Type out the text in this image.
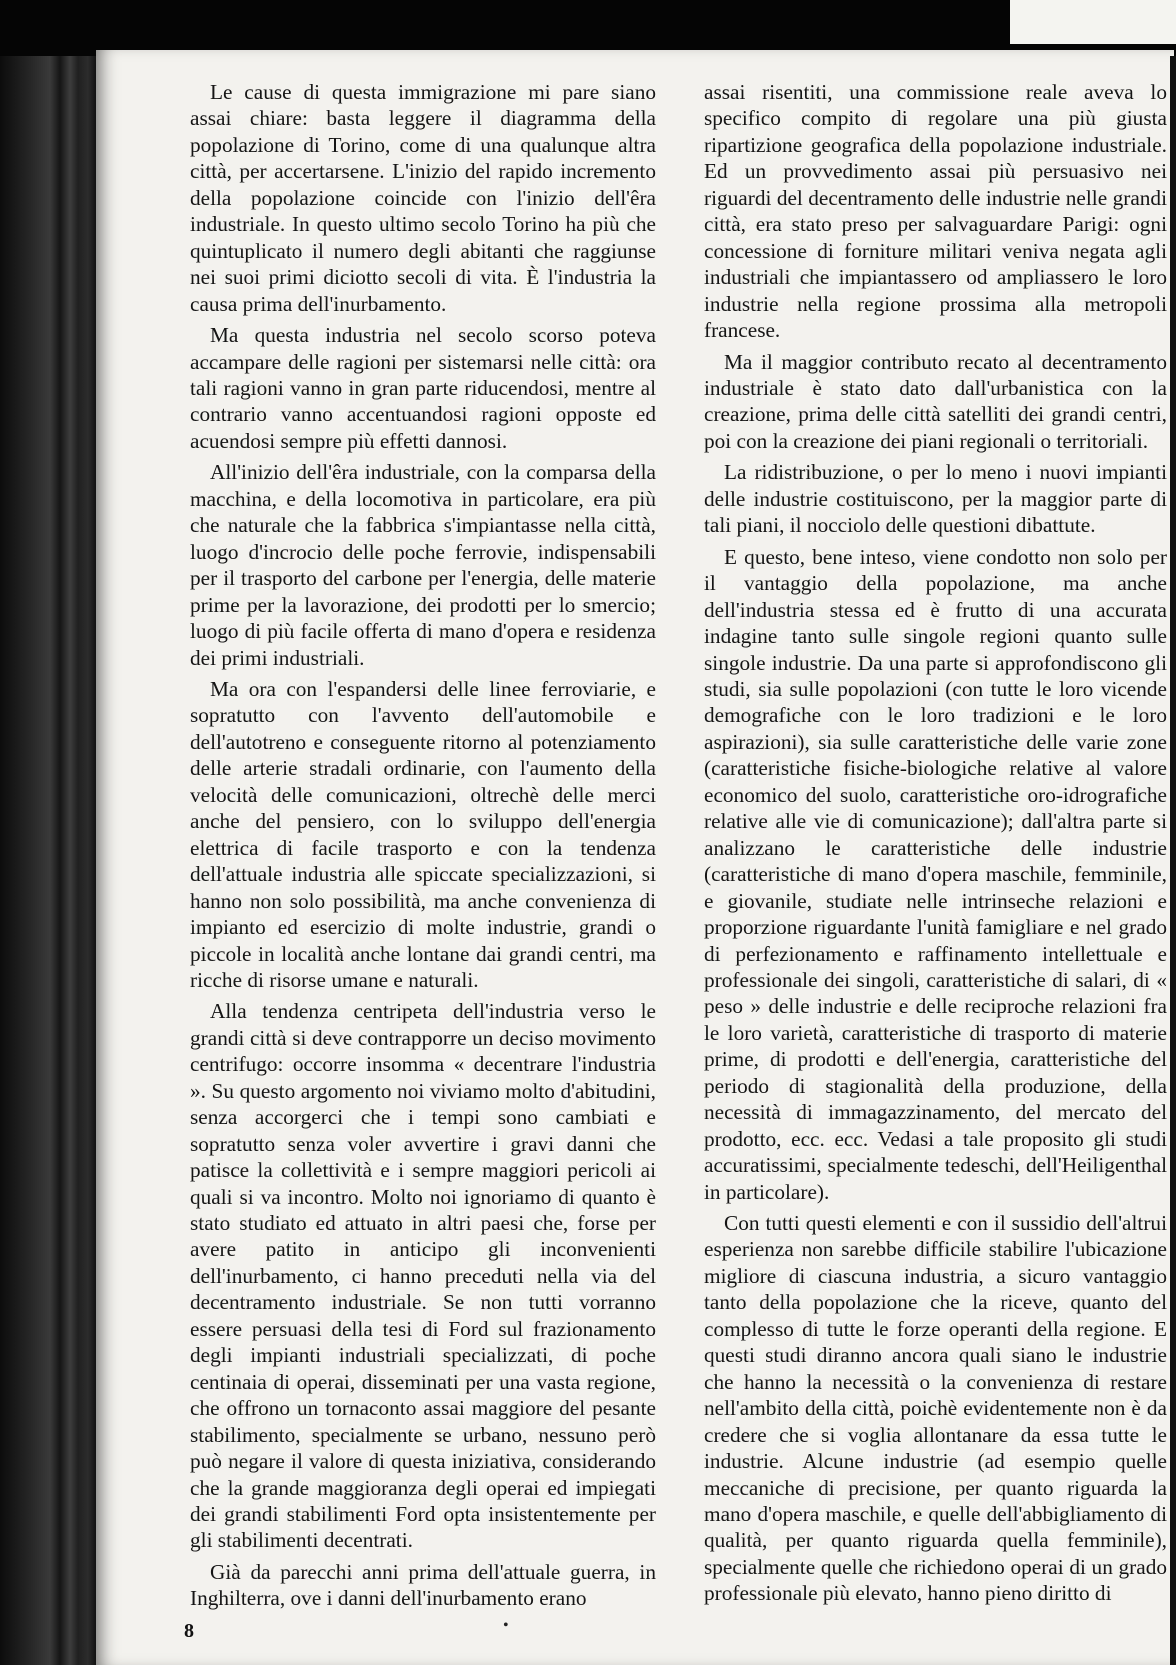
Le cause di questa immigrazione mi pare siano assai chiare: basta leggere il diagramma della popolazione di Torino, come di una qualunque altra città, per accertarsene. L'inizio del rapido incremento della popolazione coincide con l'inizio dell'êra industriale. In questo ultimo secolo Torino ha più che quintuplicato il numero degli abitanti che raggiunse nei suoi primi diciotto secoli di vita. È l'industria la causa prima dell'inurbamento.

Ma questa industria nel secolo scorso poteva accampare delle ragioni per sistemarsi nelle città: ora tali ragioni vanno in gran parte riducendosi, mentre al contrario vanno accentuandosi ragioni opposte ed acuendosi sempre più effetti dannosi.

All'inizio dell'êra industriale, con la comparsa della macchina, e della locomotiva in particolare, era più che naturale che la fabbrica s'impiantasse nella città, luogo d'incrocio delle poche ferrovie, indispensabili per il trasporto del carbone per l'energia, delle materie prime per la lavorazione, dei prodotti per lo smercio; luogo di più facile offerta di mano d'opera e residenza dei primi industriali.

Ma ora con l'espandersi delle linee ferroviarie, e sopratutto con l'avvento dell'automobile e dell'autotreno e conseguente ritorno al potenziamento delle arterie stradali ordinarie, con l'aumento della velocità delle comunicazioni, oltrechè delle merci anche del pensiero, con lo sviluppo dell'energia elettrica di facile trasporto e con la tendenza dell'attuale industria alle spiccate specializzazioni, si hanno non solo possibilità, ma anche convenienza di impianto ed esercizio di molte industrie, grandi o piccole in località anche lontane dai grandi centri, ma ricche di risorse umane e naturali.

Alla tendenza centripeta dell'industria verso le grandi città si deve contrapporre un deciso movimento centrifugo: occorre insomma « decentrare l'industria ». Su questo argomento noi viviamo molto d'abitudini, senza accorgerci che i tempi sono cambiati e sopratutto senza voler avvertire i gravi danni che patisce la collettività e i sempre maggiori pericoli ai quali si va incontro. Molto noi ignoriamo di quanto è stato studiato ed attuato in altri paesi che, forse per avere patito in anticipo gli inconvenienti dell'inurbamento, ci hanno preceduti nella via del decentramento industriale. Se non tutti vorranno essere persuasi della tesi di Ford sul frazionamento degli impianti industriali specializzati, di poche centinaia di operai, disseminati per una vasta regione, che offrono un tornaconto assai maggiore del pesante stabilimento, specialmente se urbano, nessuno però può negare il valore di questa iniziativa, considerando che la grande maggioranza degli operai ed impiegati dei grandi stabilimenti Ford opta insistentemente per gli stabilimenti decentrati.

Già da parecchi anni prima dell'attuale guerra, in Inghilterra, ove i danni dell'inurbamento erano

assai risentiti, una commissione reale aveva lo specifico compito di regolare una più giusta ripartizione geografica della popolazione industriale. Ed un provvedimento assai più persuasivo nei riguardi del decentramento delle industrie nelle grandi città, era stato preso per salvaguardare Parigi: ogni concessione di forniture militari veniva negata agli industriali che impiantassero od ampliassero le loro industrie nella regione prossima alla metropoli francese.

Ma il maggior contributo recato al decentramento industriale è stato dato dall'urbanistica con la creazione, prima delle città satelliti dei grandi centri, poi con la creazione dei piani regionali o territoriali.

La ridistribuzione, o per lo meno i nuovi impianti delle industrie costituiscono, per la maggior parte di tali piani, il nocciolo delle questioni dibattute.

E questo, bene inteso, viene condotto non solo per il vantaggio della popolazione, ma anche dell'industria stessa ed è frutto di una accurata indagine tanto sulle singole regioni quanto sulle singole industrie. Da una parte si approfondiscono gli studi, sia sulle popolazioni (con tutte le loro vicende demografiche con le loro tradizioni e le loro aspirazioni), sia sulle caratteristiche delle varie zone (caratteristiche fisiche-biologiche relative al valore economico del suolo, caratteristiche oro-idrografiche relative alle vie di comunicazione); dall'altra parte si analizzano le caratteristiche delle industrie (caratteristiche di mano d'opera maschile, femminile, e giovanile, studiate nelle intrinseche relazioni e proporzione riguardante l'unità famigliare e nel grado di perfezionamento e raffinamento intellettuale e professionale dei singoli, caratteristiche di salari, di « peso » delle industrie e delle reciproche relazioni fra le loro varietà, caratteristiche di trasporto di materie prime, di prodotti e dell'energia, caratteristiche del periodo di stagionalità della produzione, della necessità di immagazzinamento, del mercato del prodotto, ecc. ecc. Vedasi a tale proposito gli studi accuratissimi, specialmente tedeschi, dell'Heiligenthal in particolare).

Con tutti questi elementi e con il sussidio dell'altrui esperienza non sarebbe difficile stabilire l'ubicazione migliore di ciascuna industria, a sicuro vantaggio tanto della popolazione che la riceve, quanto del complesso di tutte le forze operanti della regione. E questi studi diranno ancora quali siano le industrie che hanno la necessità o la convenienza di restare nell'ambito della città, poichè evidentemente non è da credere che si voglia allontanare da essa tutte le industrie. Alcune industrie (ad esempio quelle meccaniche di precisione, per quanto riguarda la mano d'opera maschile, e quelle dell'abbigliamento di qualità, per quanto riguarda quella femminile), specialmente quelle che richiedono operai di un grado professionale più elevato, hanno pieno diritto di

8	•
